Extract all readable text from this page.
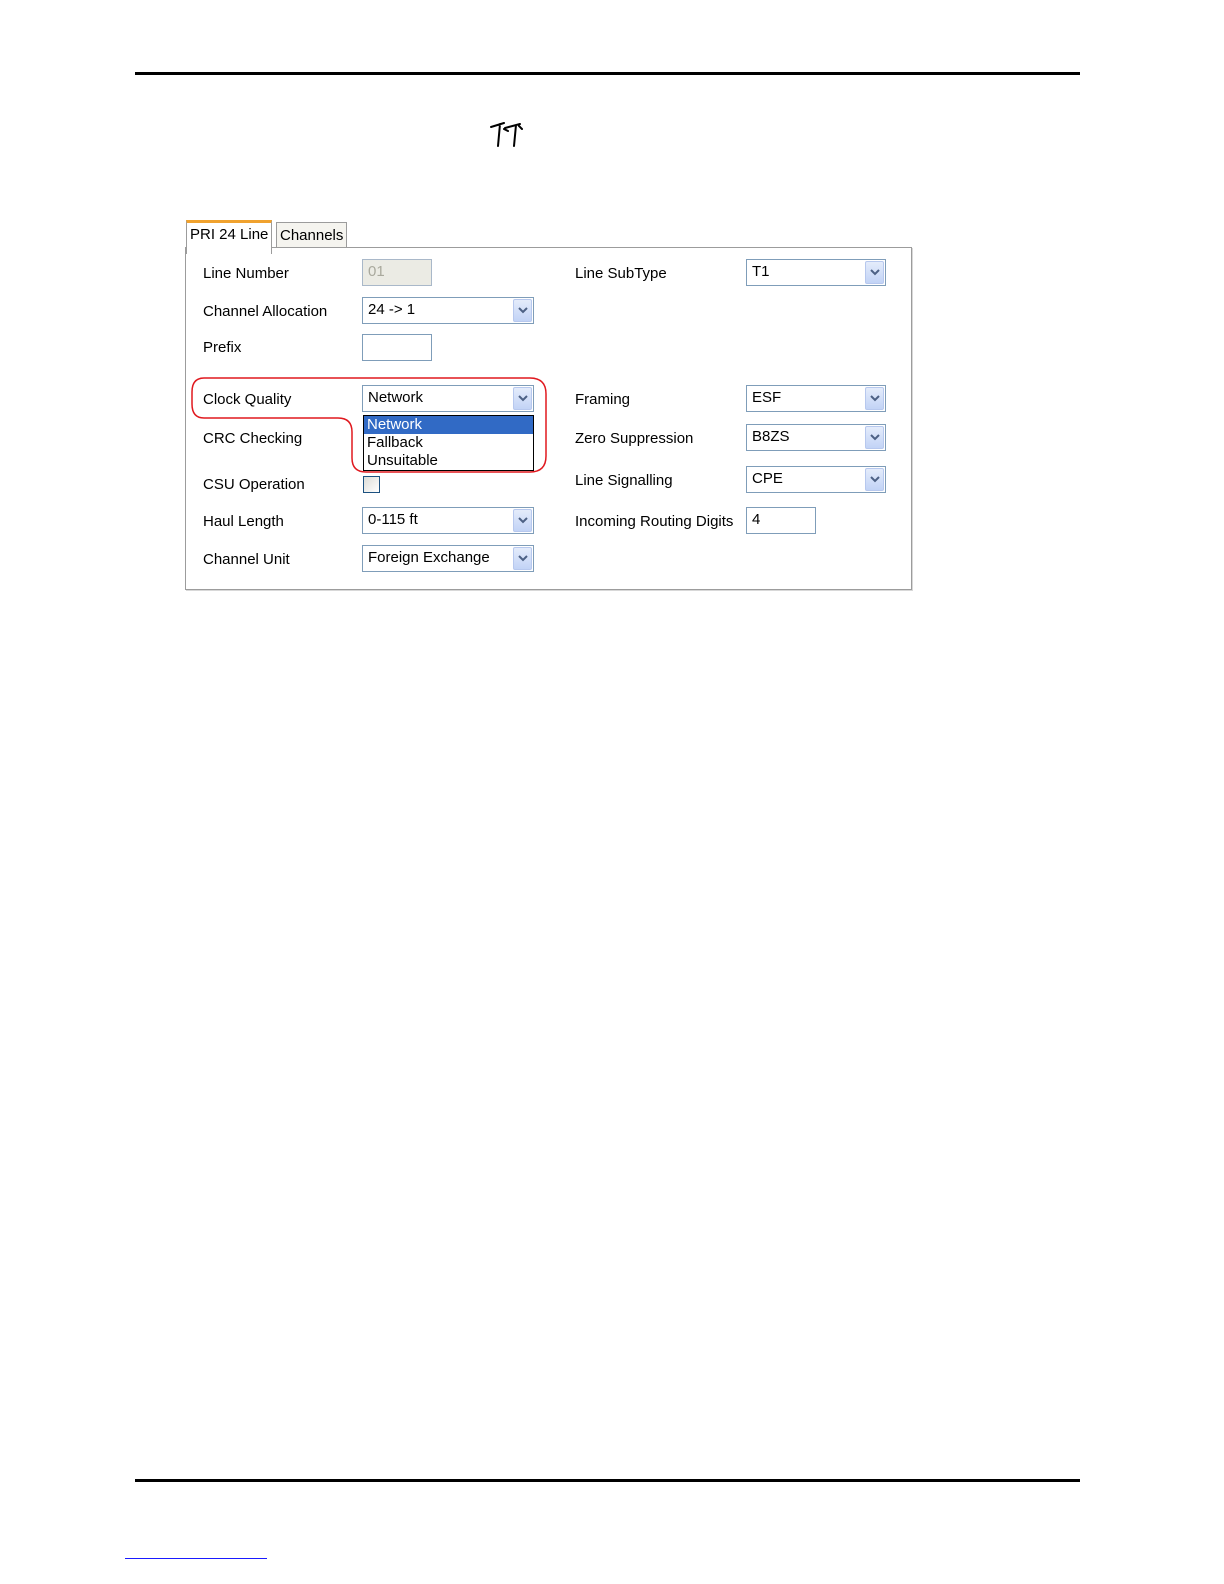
PRI 24 Line Channels
Line Number	01
Channel Allocation	24 -> 1
Prefix
Clock Quality	Network
Network
Fallback
Unsuitable
CRC Checking
CSU Operation
Haul Length	0-115 ft
Channel Unit	Foreign Exchange
Line SubType	T1
Framing	ESF
Zero Suppression	B8ZS
Line Signalling	CPE
Incoming Routing Digits 4
